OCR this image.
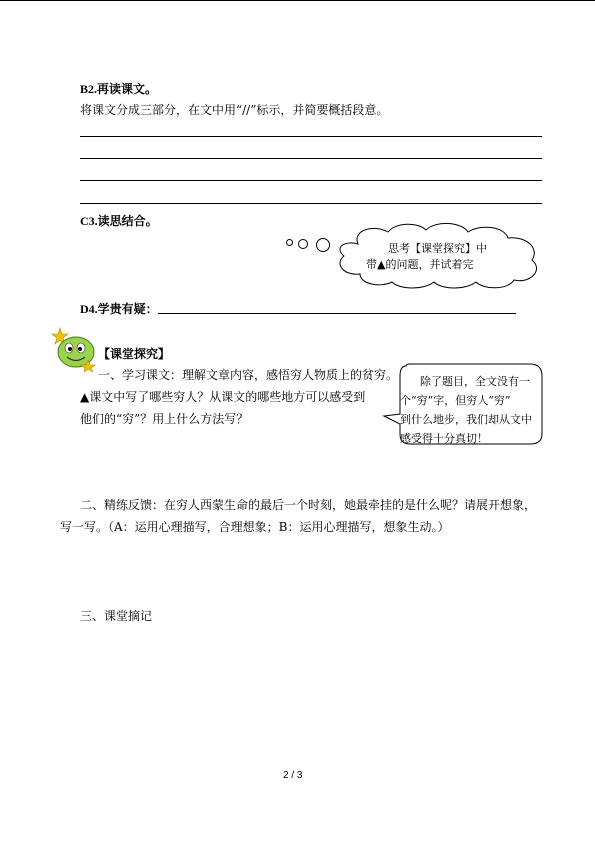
B2.再读课文。
将课文分成三部分，在文中用“//”标示，并简要概括段意。
C3.读思结合。
思考【课堂探究】中
带▲的问题，并试着完
D4.学贵有疑：
【课堂探究】
一、学习课文：理解文章内容，感悟穷人物质上的贫穷。
▲课文中写了哪些穷人？从课文的哪些地方可以感受到
他们的“穷”？用上什么方法写？
除了题目，全文没有一
个“穷”字，但穷人“穷”
到什么地步，我们却从文中
感受得十分真切！
二、精练反馈：在穷人西蒙生命的最后一个时刻，她最牵挂的是什么呢？请展开想象，
写一写。（A：运用心理描写，合理想象；B：运用心理描写，想象生动。）
三、课堂摘记
2 / 3
